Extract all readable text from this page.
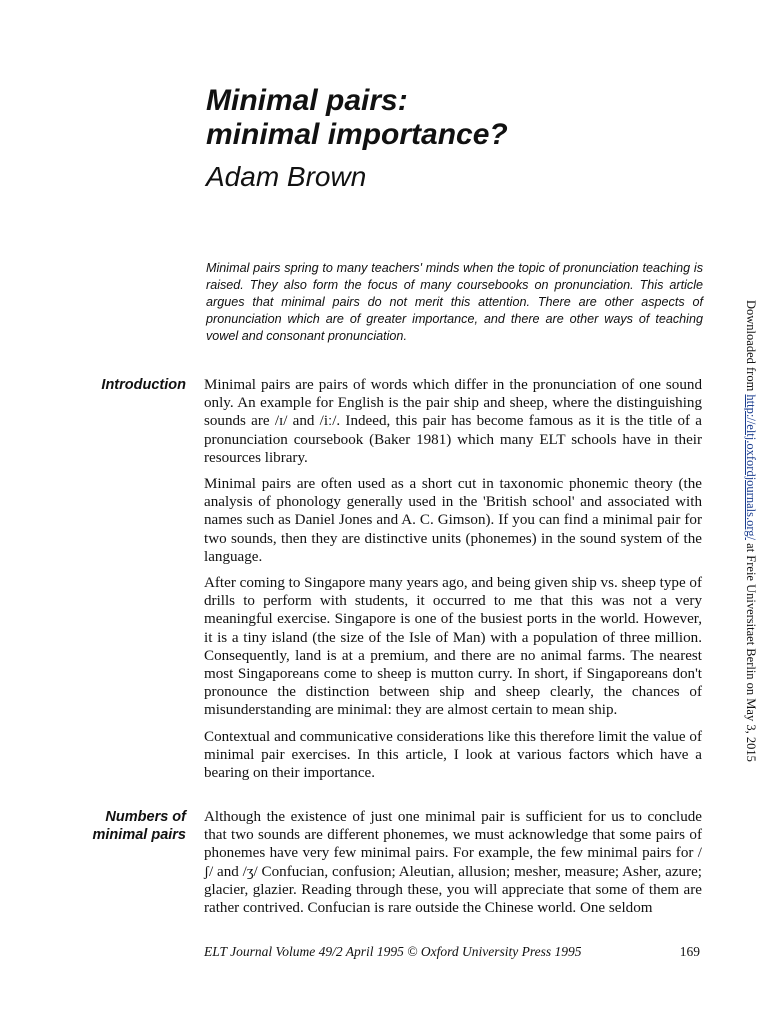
Minimal pairs:
minimal importance?
Adam Brown

Minimal pairs spring to many teachers' minds when the topic of pronunciation teaching is raised. They also form the focus of many coursebooks on pronunciation. This article argues that minimal pairs do not merit this attention. There are other aspects of pronunciation which are of greater importance, and there are other ways of teaching vowel and consonant pronunciation.

Introduction Minimal pairs are pairs of words which differ in the pronunciation of one sound only. An example for English is the pair ship and sheep, where the distinguishing sounds are /ɪ/ and /iː/. Indeed, this pair has become famous as it is the title of a pronunciation coursebook (Baker 1981) which many ELT schools have in their resources library.

Minimal pairs are often used as a short cut in taxonomic phonemic theory (the analysis of phonology generally used in the 'British school' and associated with names such as Daniel Jones and A. C. Gimson). If you can find a minimal pair for two sounds, then they are distinctive units (phonemes) in the sound system of the language.

After coming to Singapore many years ago, and being given ship vs. sheep type of drills to perform with students, it occurred to me that this was not a very meaningful exercise. Singapore is one of the busiest ports in the world. However, it is a tiny island (the size of the Isle of Man) with a population of three million. Consequently, land is at a premium, and there are no animal farms. The nearest most Singaporeans come to sheep is mutton curry. In short, if Singaporeans don't pronounce the distinction between ship and sheep clearly, the chances of misunderstanding are minimal: they are almost certain to mean ship.

Contextual and communicative considerations like this therefore limit the value of minimal pair exercises. In this article, I look at various factors which have a bearing on their importance.

Numbers of
minimal pairs

Although the existence of just one minimal pair is sufficient for us to conclude that two sounds are different phonemes, we must acknowledge that some pairs of phonemes have very few minimal pairs. For example, the few minimal pairs for /ʃ/ and /ʒ/ Confucian, confusion; Aleutian, allusion; mesher, measure; Asher, azure; glacier, glazier. Reading through these, you will appreciate that some of them are rather contrived. Confucian is rare outside the Chinese world. One seldom

ELT Journal Volume 49/2 April 1995 © Oxford University Press 1995	169
Downloaded from http://eltj.oxfordjournals.org/ at Freie Universitaet Berlin on May 3, 2015
